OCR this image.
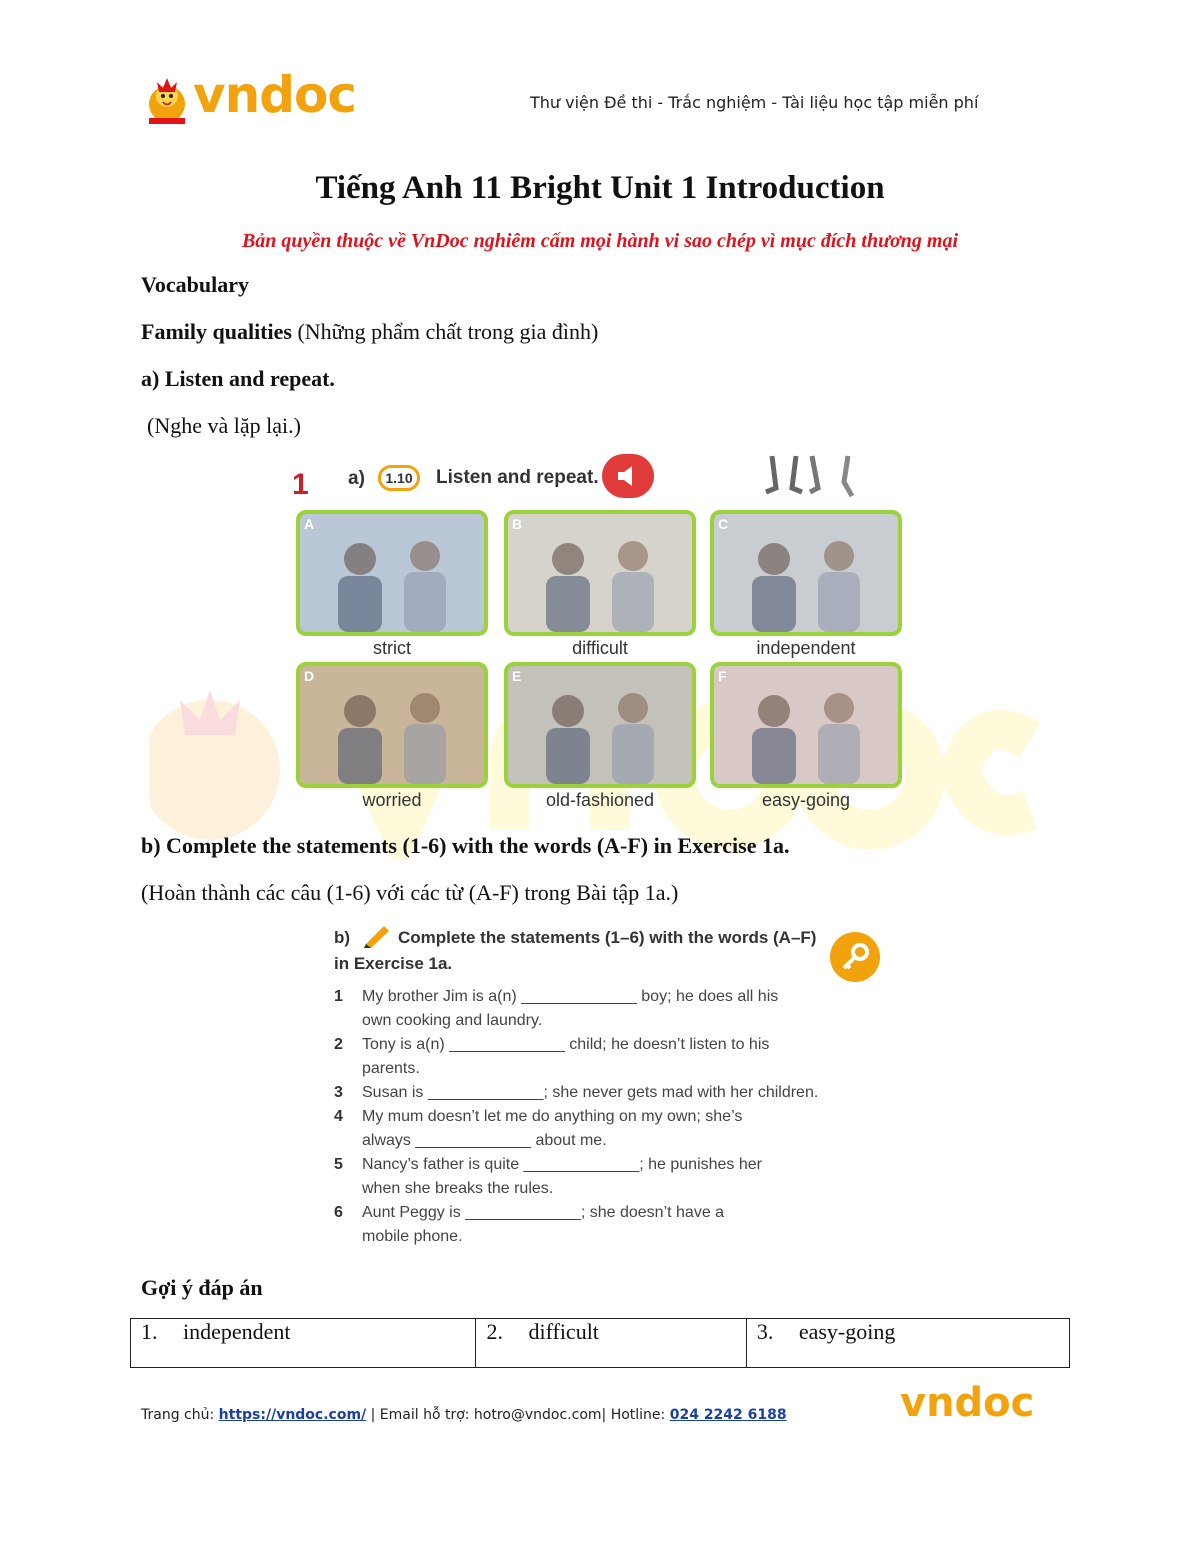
vndoc	Thư viện Đề thi - Trắc nghiệm - Tài liệu học tập miễn phí
Tiếng Anh 11 Bright Unit 1 Introduction
Bản quyền thuộc về VnDoc nghiêm cấm mọi hành vi sao chép vì mục đích thương mại
Vocabulary
Family qualities (Những phẩm chất trong gia đình)
a) Listen and repeat.
(Nghe và lặp lại.)
1 a)	1.10	Listen and repeat.
A
strict
B
difficult
C
independent
D
worried
E
old-fashioned
F
easy-going
b) Complete the statements (1-6) with the words (A-F) in Exercise 1a.
(Hoàn thành các câu (1-6) với các từ (A-F) trong Bài tập 1a.)
b)	Complete the statements (1–6) with the words (A–F)
in Exercise 1a.
1 My brother Jim is a(n) _____________ boy; he does all his
own cooking and laundry.
2 Tony is a(n) _____________ child; he doesn’t listen to his
parents.
3 Susan is _____________; she never gets mad with her children.
4 My mum doesn’t let me do anything on my own; she’s
always _____________ about me.
5 Nancy’s father is quite _____________; he punishes her
when she breaks the rules.
6 Aunt Peggy is _____________; she doesn’t have a
mobile phone.
Gợi ý đáp án
1. independent	2. difficult	3. easy-going
Trang chủ: https://vndoc.com/ | Email hỗ trợ: hotro@vndoc.com| Hotline: 024 2242 6188	vndoc
